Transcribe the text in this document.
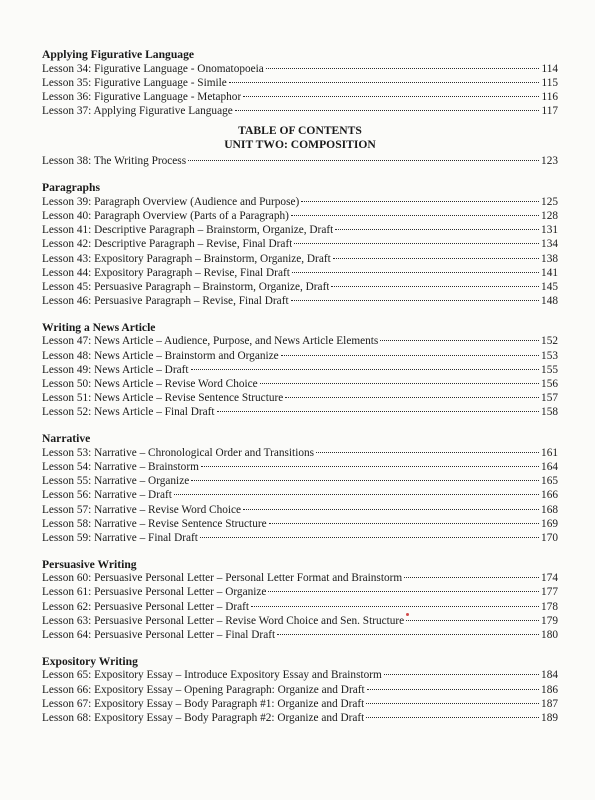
Applying Figurative Language
Lesson 34: Figurative Language - Onomatopoeia	114
Lesson 35: Figurative Language - Simile	115
Lesson 36: Figurative Language - Metaphor	116
Lesson 37: Applying Figurative Language	117
TABLE OF CONTENTS
UNIT TWO: COMPOSITION
Lesson 38: The Writing Process	123
Paragraphs
Lesson 39: Paragraph Overview (Audience and Purpose)	125
Lesson 40: Paragraph Overview (Parts of a Paragraph)	128
Lesson 41: Descriptive Paragraph – Brainstorm, Organize, Draft	131
Lesson 42: Descriptive Paragraph – Revise, Final Draft	134
Lesson 43: Expository Paragraph – Brainstorm, Organize, Draft	138
Lesson 44: Expository Paragraph – Revise, Final Draft	141
Lesson 45: Persuasive Paragraph – Brainstorm, Organize, Draft	145
Lesson 46: Persuasive Paragraph – Revise, Final Draft	148
Writing a News Article
Lesson 47: News Article – Audience, Purpose, and News Article Elements	152
Lesson 48: News Article – Brainstorm and Organize	153
Lesson 49: News Article – Draft	155
Lesson 50: News Article – Revise Word Choice	156
Lesson 51: News Article – Revise Sentence Structure	157
Lesson 52: News Article – Final Draft	158
Narrative
Lesson 53: Narrative – Chronological Order and Transitions	161
Lesson 54: Narrative – Brainstorm	164
Lesson 55: Narrative – Organize	165
Lesson 56: Narrative – Draft	166
Lesson 57: Narrative – Revise Word Choice	168
Lesson 58: Narrative – Revise Sentence Structure	169
Lesson 59: Narrative – Final Draft	170
Persuasive Writing
Lesson 60: Persuasive Personal Letter – Personal Letter Format and Brainstorm	174
Lesson 61: Persuasive Personal Letter – Organize	177
Lesson 62: Persuasive Personal Letter – Draft	178
Lesson 63: Persuasive Personal Letter – Revise Word Choice and Sen. Structure	179
Lesson 64: Persuasive Personal Letter – Final Draft	180
Expository Writing
Lesson 65: Expository Essay – Introduce Expository Essay and Brainstorm	184
Lesson 66: Expository Essay – Opening Paragraph: Organize and Draft	186
Lesson 67: Expository Essay – Body Paragraph #1: Organize and Draft	187
Lesson 68: Expository Essay – Body Paragraph #2: Organize and Draft	189
